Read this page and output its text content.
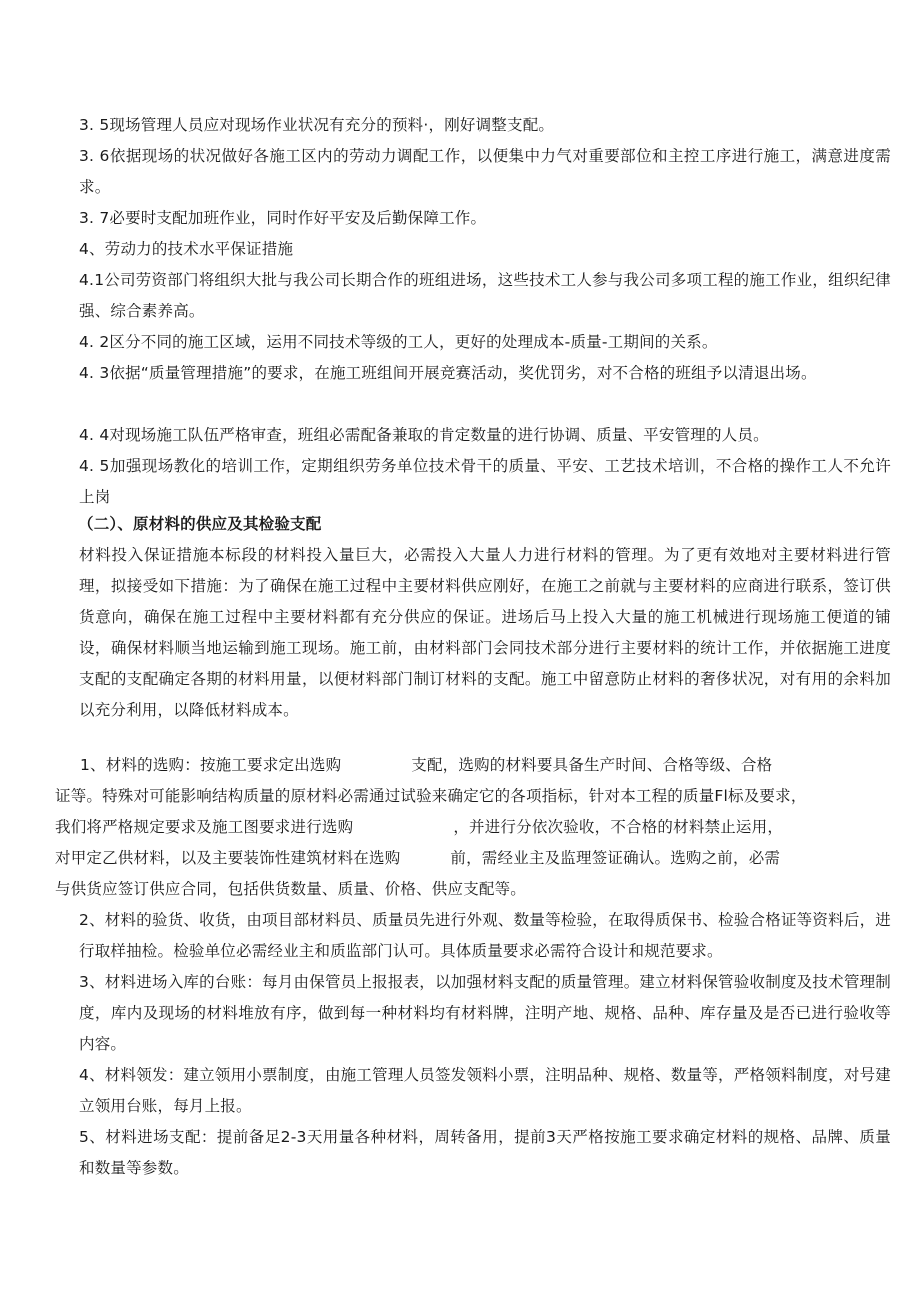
3. 5现场管理人员应对现场作业状况有充分的预料·，刚好调整支配。

3. 6依据现场的状况做好各施工区内的劳动力调配工作，以便集中力气对重要部位和主控工序进行施工，满意进度需求。

3. 7必要时支配加班作业，同时作好平安及后勤保障工作。

4、劳动力的技术水平保证措施

4.1公司劳资部门将组织大批与我公司长期合作的班组进场，这些技术工人参与我公司多项工程的施工作业，组织纪律强、综合素养高。

4. 2区分不同的施工区域，运用不同技术等级的工人，更好的处理成本-质量-工期间的关系。

4. 3依据“质量管理措施”的要求，在施工班组间开展竞赛活动，奖优罚劣，对不合格的班组予以清退出场。

4. 4对现场施工队伍严格审查，班组必需配备兼取的肯定数量的进行协调、质量、平安管理的人员。

4. 5加强现场教化的培训工作，定期组织劳务单位技术骨干的质量、平安、工艺技术培训，不合格的操作工人不允许上岗

（二）、原材料的供应及其检验支配

材料投入保证措施本标段的材料投入量巨大，必需投入大量人力进行材料的管理。为了更有效地对主要材料进行管理，拟接受如下措施：为了确保在施工过程中主要材料供应刚好，在施工之前就与主要材料的应商进行联系，签订供货意向，确保在施工过程中主要材料都有充分供应的保证。进场后马上投入大量的施工机械进行现场施工便道的铺设，确保材料顺当地运输到施工现场。施工前，由材料部门会同技术部分进行主要材料的统计工作，并依据施工进度支配的支配确定各期的材料用量，以便材料部门制订材料的支配。施工中留意防止材料的奢侈状况，对有用的余料加以充分利用，以降低材料成本。

1、材料的选购：按施工要求定出选购	支配，选购的材料要具备生产时间、合格等级、合格
证等。特殊对可能影响结构质量的原材料必需通过试验来确定它的各项指标，针对本工程的质量Fl标及要求，
我们将严格规定要求及施工图要求进行选购	，并进行分依次验收，不合格的材料禁止运用，
对甲定乙供材料，以及主要装饰性建筑材料在选购	前，需经业主及监理签证确认。选购之前，必需
与供货应签订供应合同，包括供货数量、质量、价格、供应支配等。

2、材料的验货、收货，由项目部材料员、质量员先进行外观、数量等检验，在取得质保书、检验合格证等资料后，进行取样抽检。检验单位必需经业主和质监部门认可。具体质量要求必需符合设计和规范要求。

3、材料进场入库的台账：每月由保管员上报报表，以加强材料支配的质量管理。建立材料保管验收制度及技术管理制度，库内及现场的材料堆放有序，做到每一种材料均有材料牌，注明产地、规格、品种、库存量及是否已进行验收等内容。

4、材料领发：建立领用小票制度，由施工管理人员签发领料小票，注明品种、规格、数量等，严格领料制度，对号建立领用台账，每月上报。

5、材料进场支配：提前备足2-3天用量各种材料，周转备用，提前3天严格按施工要求确定材料的规格、品牌、质量和数量等参数。
